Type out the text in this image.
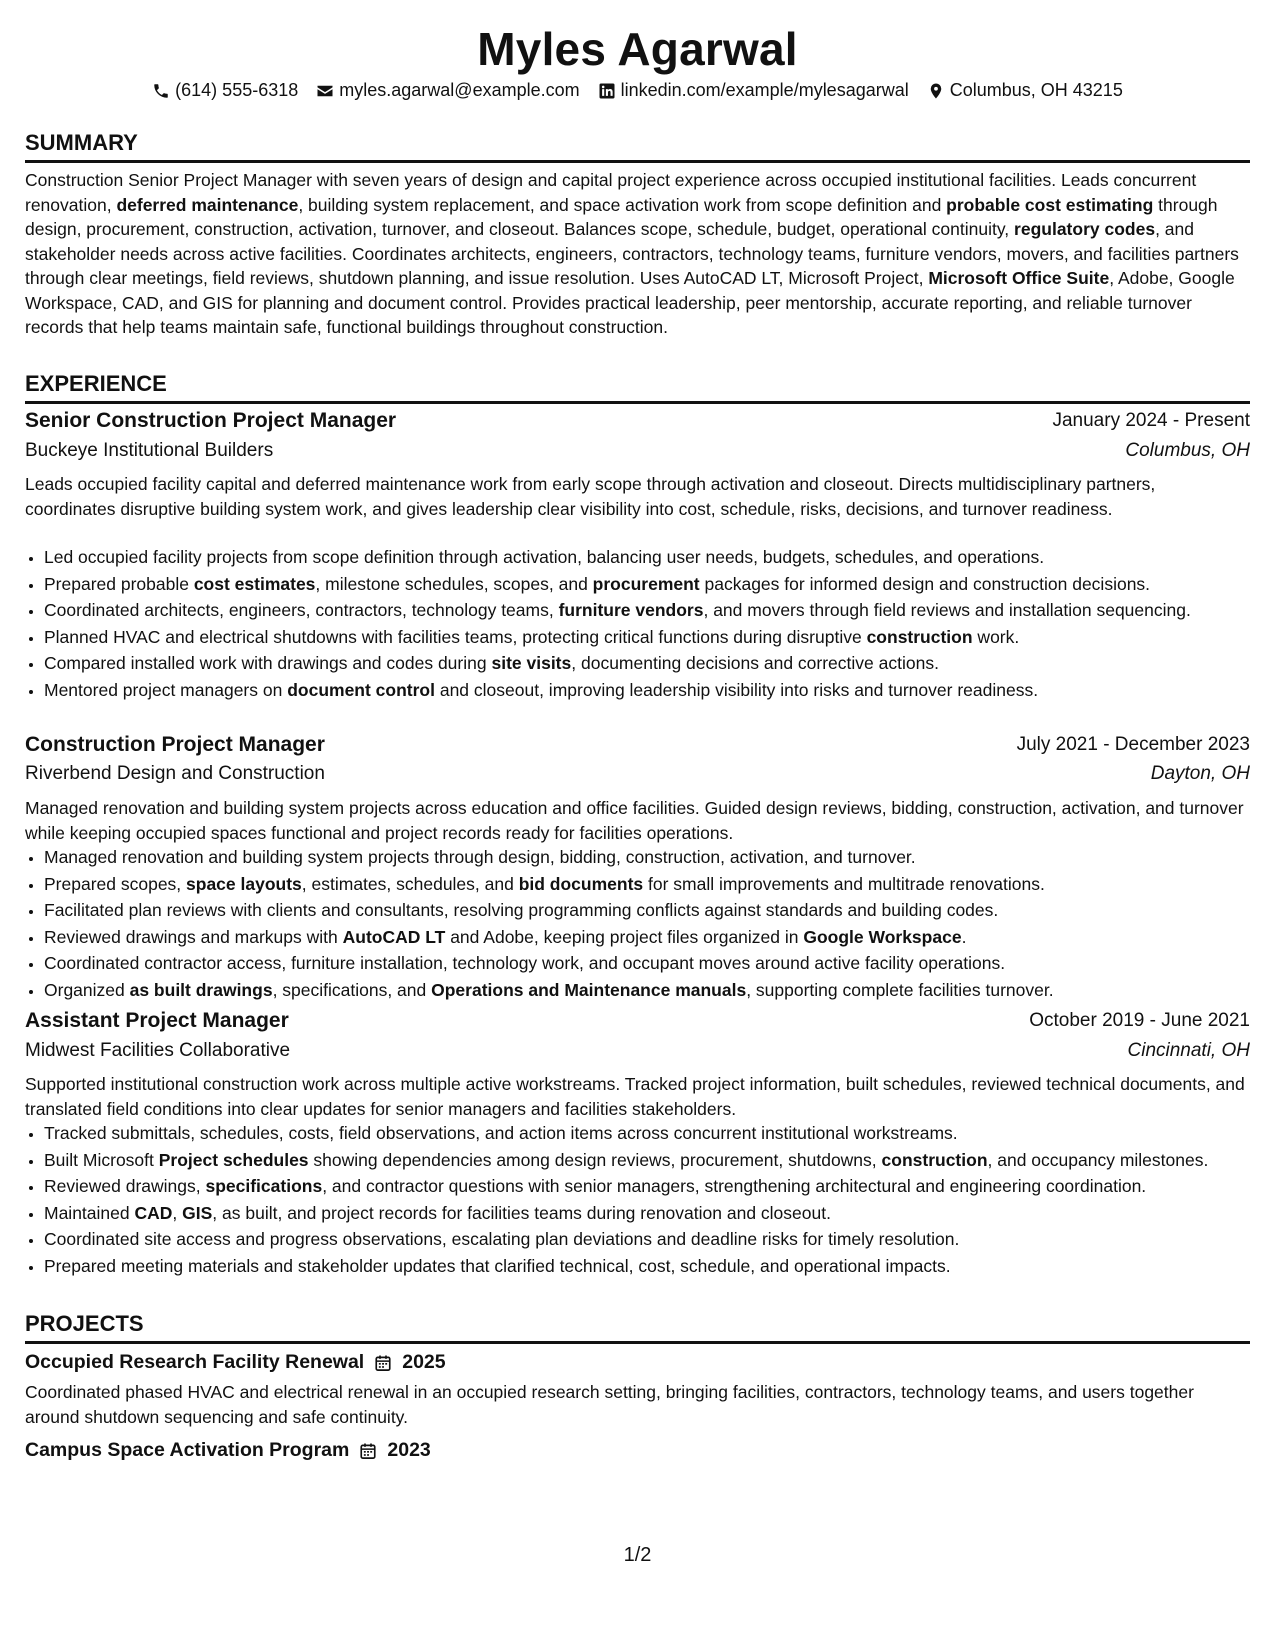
Myles Agarwal
(614) 555-6318 myles.agarwal@example.com linkedin.com/example/mylesagarwal Columbus, OH 43215
SUMMARY
Construction Senior Project Manager with seven years of design and capital project experience across occupied institutional facilities. Leads concurrent renovation, deferred maintenance, building system replacement, and space activation work from scope definition and probable cost estimating through design, procurement, construction, activation, turnover, and closeout. Balances scope, schedule, budget, operational continuity, regulatory codes, and stakeholder needs across active facilities. Coordinates architects, engineers, contractors, technology teams, furniture vendors, movers, and facilities partners through clear meetings, field reviews, shutdown planning, and issue resolution. Uses AutoCAD LT, Microsoft Project, Microsoft Office Suite, Adobe, Google Workspace, CAD, and GIS for planning and document control. Provides practical leadership, peer mentorship, accurate reporting, and reliable turnover records that help teams maintain safe, functional buildings throughout construction.
EXPERIENCE
Senior Construction Project Manager	January 2024 - Present
Buckeye Institutional Builders	Columbus, OH
Leads occupied facility capital and deferred maintenance work from early scope through activation and closeout. Directs multidisciplinary partners, coordinates disruptive building system work, and gives leadership clear visibility into cost, schedule, risks, decisions, and turnover readiness.
• Led occupied facility projects from scope definition through activation, balancing user needs, budgets, schedules, and operations.
• Prepared probable cost estimates, milestone schedules, scopes, and procurement packages for informed design and construction decisions.
• Coordinated architects, engineers, contractors, technology teams, furniture vendors, and movers through field reviews and installation sequencing.
• Planned HVAC and electrical shutdowns with facilities teams, protecting critical functions during disruptive construction work.
• Compared installed work with drawings and codes during site visits, documenting decisions and corrective actions.
• Mentored project managers on document control and closeout, improving leadership visibility into risks and turnover readiness.
Construction Project Manager	July 2021 - December 2023
Riverbend Design and Construction	Dayton, OH
Managed renovation and building system projects across education and office facilities. Guided design reviews, bidding, construction, activation, and turnover while keeping occupied spaces functional and project records ready for facilities operations.
• Managed renovation and building system projects through design, bidding, construction, activation, and turnover.
• Prepared scopes, space layouts, estimates, schedules, and bid documents for small improvements and multitrade renovations.
• Facilitated plan reviews with clients and consultants, resolving programming conflicts against standards and building codes.
• Reviewed drawings and markups with AutoCAD LT and Adobe, keeping project files organized in Google Workspace.
• Coordinated contractor access, furniture installation, technology work, and occupant moves around active facility operations.
• Organized as built drawings, specifications, and Operations and Maintenance manuals, supporting complete facilities turnover.
Assistant Project Manager	October 2019 - June 2021
Midwest Facilities Collaborative	Cincinnati, OH
Supported institutional construction work across multiple active workstreams. Tracked project information, built schedules, reviewed technical documents, and translated field conditions into clear updates for senior managers and facilities stakeholders.
• Tracked submittals, schedules, costs, field observations, and action items across concurrent institutional workstreams.
• Built Microsoft Project schedules showing dependencies among design reviews, procurement, shutdowns, construction, and occupancy milestones.
• Reviewed drawings, specifications, and contractor questions with senior managers, strengthening architectural and engineering coordination.
• Maintained CAD, GIS, as built, and project records for facilities teams during renovation and closeout.
• Coordinated site access and progress observations, escalating plan deviations and deadline risks for timely resolution.
• Prepared meeting materials and stakeholder updates that clarified technical, cost, schedule, and operational impacts.
PROJECTS
Occupied Research Facility Renewal 2025
Coordinated phased HVAC and electrical renewal in an occupied research setting, bringing facilities, contractors, technology teams, and users together around shutdown sequencing and safe continuity.
Campus Space Activation Program 2023
1/2
